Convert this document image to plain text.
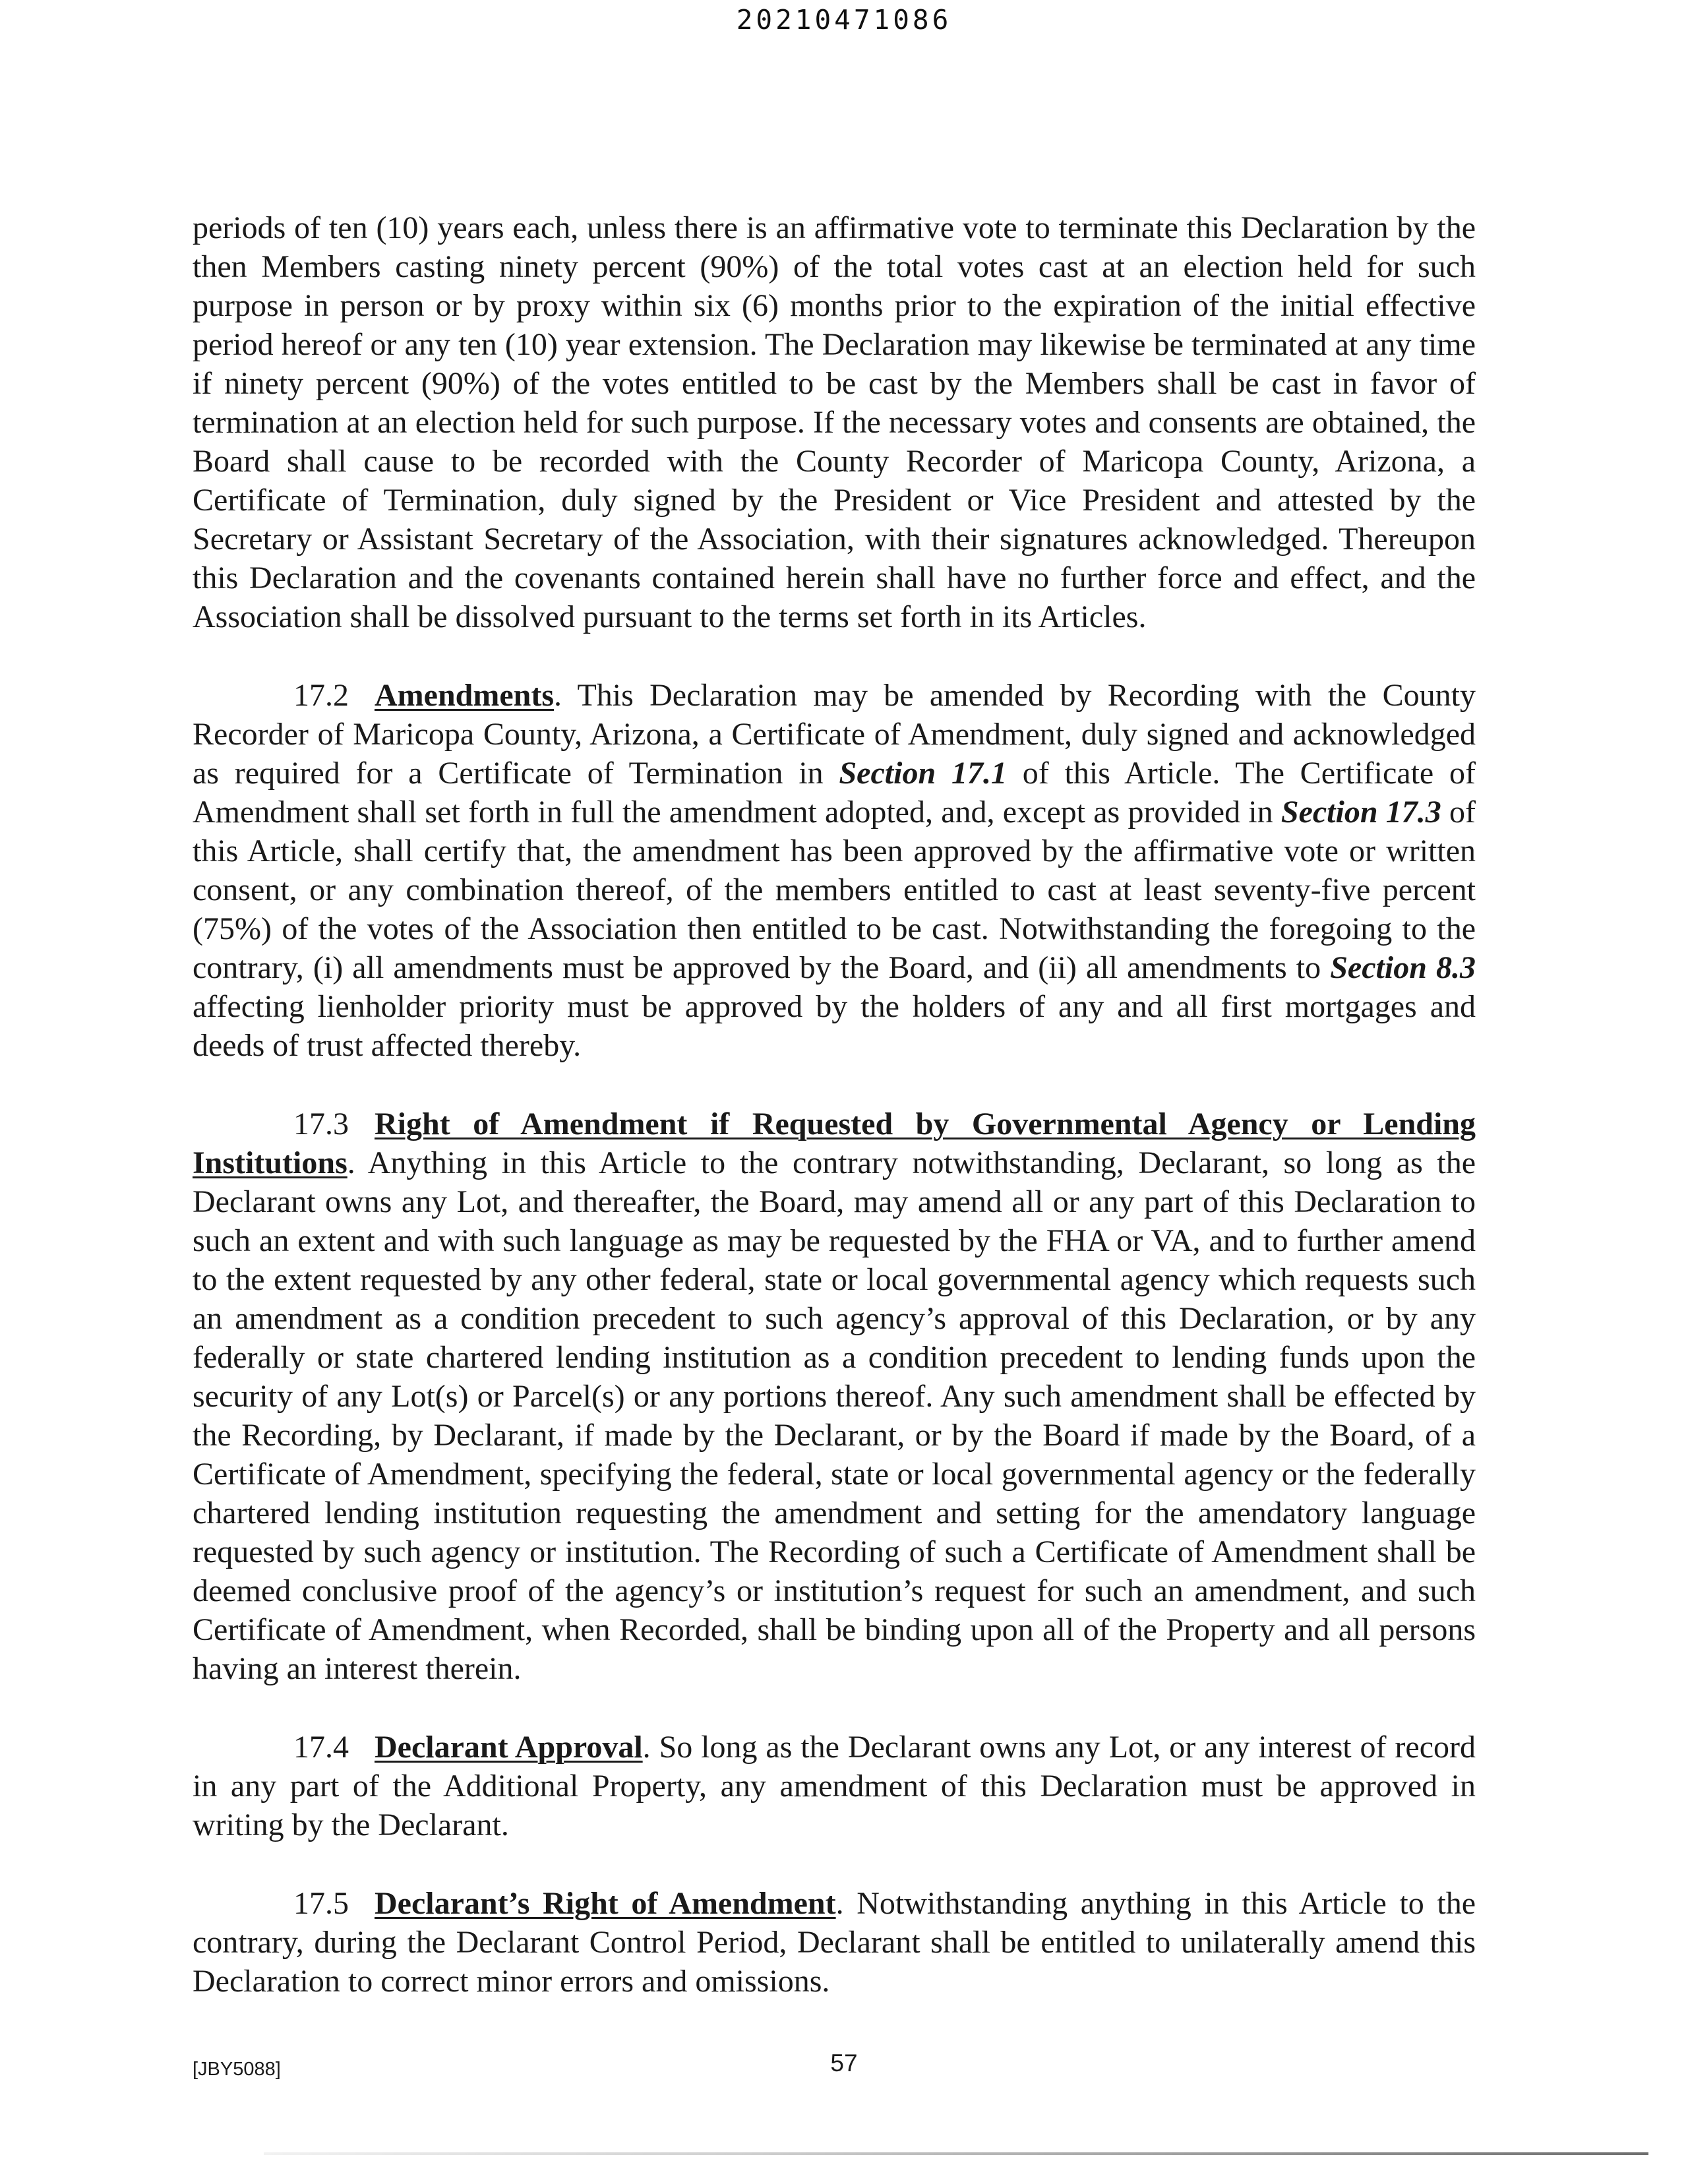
20210471086

periods of ten (10) years each, unless there is an affirmative vote to terminate this Declaration by the then Members casting ninety percent (90%) of the total votes cast at an election held for such purpose in person or by proxy within six (6) months prior to the expiration of the initial effective period hereof or any ten (10) year extension. The Declaration may likewise be terminated at any time if ninety percent (90%) of the votes entitled to be cast by the Members shall be cast in favor of termination at an election held for such purpose. If the necessary votes and consents are obtained, the Board shall cause to be recorded with the County Recorder of Maricopa County, Arizona, a Certificate of Termination, duly signed by the President or Vice President and attested by the Secretary or Assistant Secretary of the Association, with their signatures acknowledged. Thereupon this Declaration and the covenants contained herein shall have no further force and effect, and the Association shall be dissolved pursuant to the terms set forth in its Articles.

17.2 Amendments. This Declaration may be amended by Recording with the County Recorder of Maricopa County, Arizona, a Certificate of Amendment, duly signed and acknowledged as required for a Certificate of Termination in Section 17.1 of this Article. The Certificate of Amendment shall set forth in full the amendment adopted, and, except as provided in Section 17.3 of this Article, shall certify that, the amendment has been approved by the affirmative vote or written consent, or any combination thereof, of the members entitled to cast at least seventy-five percent (75%) of the votes of the Association then entitled to be cast. Notwithstanding the foregoing to the contrary, (i) all amendments must be approved by the Board, and (ii) all amendments to Section 8.3 affecting lienholder priority must be approved by the holders of any and all first mortgages and deeds of trust affected thereby.

17.3 Right of Amendment if Requested by Governmental Agency or Lending Institutions. Anything in this Article to the contrary notwithstanding, Declarant, so long as the Declarant owns any Lot, and thereafter, the Board, may amend all or any part of this Declaration to such an extent and with such language as may be requested by the FHA or VA, and to further amend to the extent requested by any other federal, state or local governmental agency which requests such an amendment as a condition precedent to such agency’s approval of this Declaration, or by any federally or state chartered lending institution as a condition precedent to lending funds upon the security of any Lot(s) or Parcel(s) or any portions thereof. Any such amendment shall be effected by the Recording, by Declarant, if made by the Declarant, or by the Board if made by the Board, of a Certificate of Amendment, specifying the federal, state or local governmental agency or the federally chartered lending institution requesting the amendment and setting for the amendatory language requested by such agency or institution. The Recording of such a Certificate of Amendment shall be deemed conclusive proof of the agency’s or institution’s request for such an amendment, and such Certificate of Amendment, when Recorded, shall be binding upon all of the Property and all persons having an interest therein.

17.4 Declarant Approval. So long as the Declarant owns any Lot, or any interest of record in any part of the Additional Property, any amendment of this Declaration must be approved in writing by the Declarant.

17.5 Declarant’s Right of Amendment. Notwithstanding anything in this Article to the contrary, during the Declarant Control Period, Declarant shall be entitled to unilaterally amend this Declaration to correct minor errors and omissions.

[JBY5088]	57
